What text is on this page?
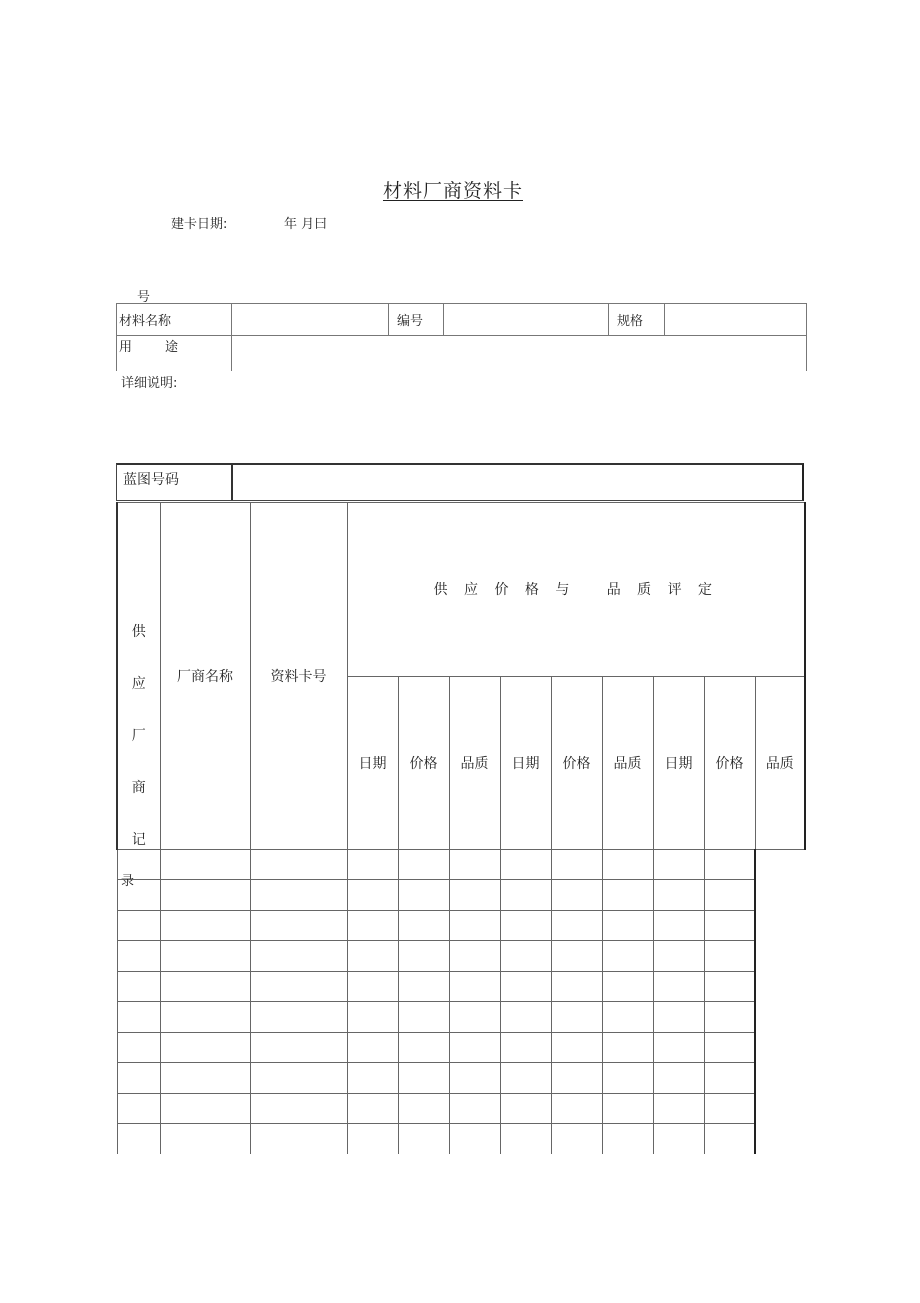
材料厂商资料卡
建卡日期:	年 月曰
号
材料名称		编号		规格	
用        途					
详细说明:
蓝图号码
供
应
厂
商
记	厂商名称	资料卡号	供 应 价 格 与   品 质 评 定								
			日期	价格	品质	日期	价格	品质	日期	价格	品质

录
